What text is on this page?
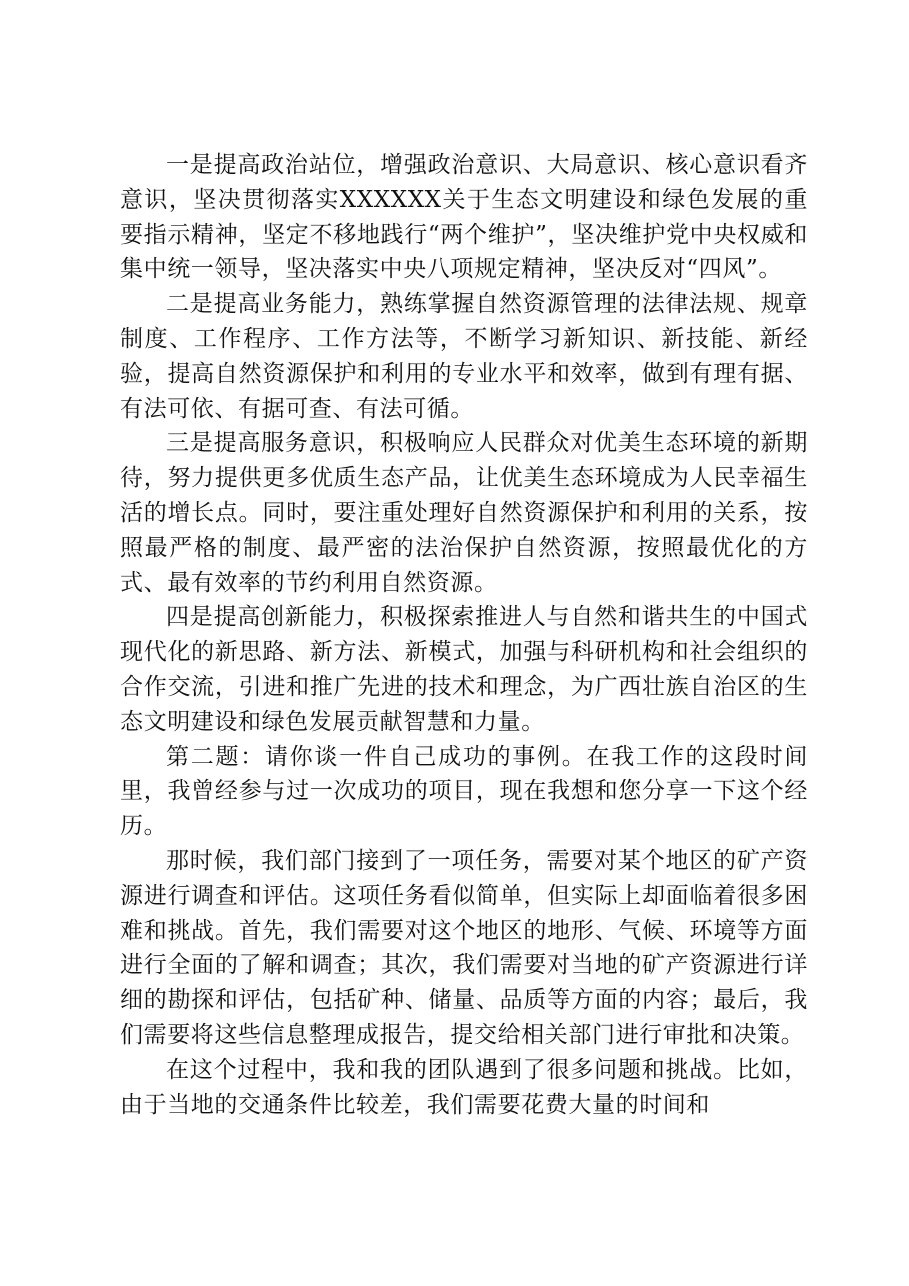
一是提高政治站位，增强政治意识、大局意识、核心意识看齐意识，坚决贯彻落实XXXXXX关于生态文明建设和绿色发展的重要指示精神，坚定不移地践行“两个维护”，坚决维护党中央权威和集中统一领导，坚决落实中央八项规定精神，坚决反对“四风”。

二是提高业务能力，熟练掌握自然资源管理的法律法规、规章制度、工作程序、工作方法等，不断学习新知识、新技能、新经验，提高自然资源保护和利用的专业水平和效率，做到有理有据、有法可依、有据可查、有法可循。

三是提高服务意识，积极响应人民群众对优美生态环境的新期待，努力提供更多优质生态产品，让优美生态环境成为人民幸福生活的增长点。同时，要注重处理好自然资源保护和利用的关系，按照最严格的制度、最严密的法治保护自然资源，按照最优化的方式、最有效率的节约利用自然资源。

四是提高创新能力，积极探索推进人与自然和谐共生的中国式现代化的新思路、新方法、新模式，加强与科研机构和社会组织的合作交流，引进和推广先进的技术和理念，为广西壮族自治区的生态文明建设和绿色发展贡献智慧和力量。

第二题：请你谈一件自己成功的事例。在我工作的这段时间里，我曾经参与过一次成功的项目，现在我想和您分享一下这个经历。

那时候，我们部门接到了一项任务，需要对某个地区的矿产资源进行调查和评估。这项任务看似简单，但实际上却面临着很多困难和挑战。首先，我们需要对这个地区的地形、气候、环境等方面进行全面的了解和调查；其次，我们需要对当地的矿产资源进行详细的勘探和评估，包括矿种、储量、品质等方面的内容；最后，我们需要将这些信息整理成报告，提交给相关部门进行审批和决策。

在这个过程中，我和我的团队遇到了很多问题和挑战。比如，由于当地的交通条件比较差，我们需要花费大量的时间和
